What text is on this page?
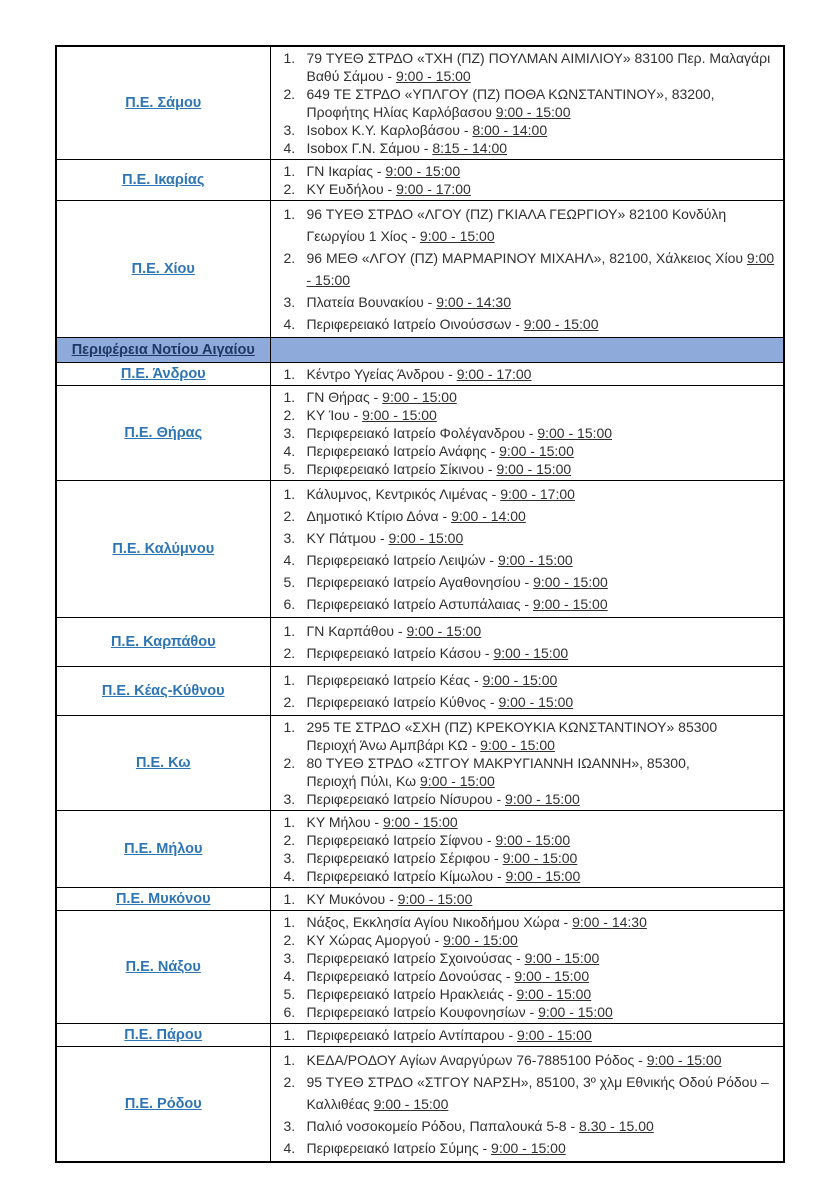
Π.Ε. Σάμου	
1. 79 ΤΥΕΘ ΣΤΡΔΟ «ΤΧΗ (ΠΖ) ΠΟΥΛΜΑΝ ΑΙΜΙΛΙΟΥ» 83100 Περ. Μαλαγάρι Βαθύ Σάμου - 9:00 - 15:00
2. 649 ΤΕ ΣΤΡΔΟ «ΥΠΛΓΟΥ (ΠΖ) ΠΟΘΑ ΚΩΝΣΤΑΝΤΙΝΟΥ», 83200, Προφήτης Ηλίας Καρλόβασου 9:00 - 15:00
3. Isobox Κ.Υ. Καρλοβάσου - 8:00 - 14:00
4. Isobox Γ.Ν. Σάμου - 8:15 - 14:00

Π.Ε. Ικαρίας	1. ΓΝ Ικαρίας - 9:00 - 15:00
2. ΚΥ Ευδήλου - 9:00 - 17:00

Π.Ε. Χίου	
1. 96 ΤΥΕΘ ΣΤΡΔΟ «ΛΓΟΥ (ΠΖ) ΓΚΙΑΛΑ ΓΕΩΡΓΙΟΥ» 82100 Κονδύλη Γεωργίου 1 Χίος - 9:00 - 15:00
2. 96 ΜΕΘ «ΛΓΟΥ (ΠΖ) ΜΑΡΜΑΡΙΝΟΥ ΜΙΧΑΗΛ», 82100, Χάλκειος Χίου 9:00 - 15:00
3. Πλατεία Βουνακίου - 9:00 - 14:30
4. Περιφερειακό Ιατρείο Οινούσσων - 9:00 - 15:00

Περιφέρεια Νοτίου Αιγαίου	
Π.Ε. Άνδρου	1. Κέντρο Υγείας Άνδρου - 9:00 - 17:00

Π.Ε. Θήρας	
1. ΓΝ Θήρας - 9:00 - 15:00
2. ΚΥ Ίου - 9:00 - 15:00
3. Περιφερειακό Ιατρείο Φολέγανδρου - 9:00 - 15:00
4. Περιφερειακό Ιατρείο Ανάφης - 9:00 - 15:00
5. Περιφερειακό Ιατρείο Σίκινου - 9:00 - 15:00

Π.Ε. Καλύμνου	
1. Κάλυμνος, Κεντρικός Λιμένας - 9:00 - 17:00
2. Δημοτικό Κτίριο Δόνα - 9:00 - 14:00
3. ΚΥ Πάτμου - 9:00 - 15:00
4. Περιφερειακό Ιατρείο Λειψών - 9:00 - 15:00
5. Περιφερειακό Ιατρείο Αγαθονησίου - 9:00 - 15:00
6. Περιφερειακό Ιατρείο Αστυπάλαιας - 9:00 - 15:00

Π.Ε. Καρπάθου	1. ΓΝ Καρπάθου - 9:00 - 15:00
2. Περιφερειακό Ιατρείο Κάσου - 9:00 - 15:00

Π.Ε. Κέας-Κύθνου	1. Περιφερειακό Ιατρείο Κέας - 9:00 - 15:00
2. Περιφερειακό Ιατρείο Κύθνος - 9:00 - 15:00

Π.Ε. Κω	
1. 295 ΤΕ ΣΤΡΔΟ «ΣΧΗ (ΠΖ) ΚΡΕΚΟΥΚΙΑ ΚΩΝΣΤΑΝΤΙΝΟΥ» 85300
Περιοχή Άνω Αμπβάρι ΚΩ - 9:00 - 15:00
2. 80 ΤΥΕΘ ΣΤΡΔΟ «ΣΤΓΟΥ ΜΑΚΡΥΓΙΑΝΝΗ ΙΩΑΝΝΗ», 85300,
Περιοχή Πύλι, Κω 9:00 - 15:00
3. Περιφερειακό Ιατρείο Νίσυρου - 9:00 - 15:00

Π.Ε. Μήλου	
1. ΚΥ Μήλου - 9:00 - 15:00
2. Περιφερειακό Ιατρείο Σίφνου - 9:00 - 15:00
3. Περιφερειακό Ιατρείο Σέριφου - 9:00 - 15:00
4. Περιφερειακό Ιατρείο Κίμωλου - 9:00 - 15:00

Π.Ε. Μυκόνου	1. ΚΥ Μυκόνου - 9:00 - 15:00

Π.Ε. Νάξου	
1. Νάξος, Εκκλησία Αγίου Νικοδήμου Χώρα - 9:00 - 14:30
2. ΚΥ Χώρας Αμοργού - 9:00 - 15:00
3. Περιφερειακό Ιατρείο Σχοινούσας - 9:00 - 15:00
4. Περιφερειακό Ιατρείο Δονούσας - 9:00 - 15:00
5. Περιφερειακό Ιατρείο Ηρακλειάς - 9:00 - 15:00
6. Περιφερειακό Ιατρείο Κουφονησίων - 9:00 - 15:00

Π.Ε. Πάρου	1. Περιφερειακό Ιατρείο Αντίπαρου - 9:00 - 15:00

Π.Ε. Ρόδου	
1. ΚΕΔΑ/ΡΟΔΟΥ Αγίων Αναργύρων 76-7885100 Ρόδος - 9:00 - 15:00
2. 95 ΤΥΕΘ ΣΤΡΔΟ «ΣΤΓΟΥ ΝΑΡΣΗ», 85100, 3º χλμ Εθνικής Οδού Ρόδου – Καλλιθέας 9:00 - 15:00
3. Παλιό νοσοκομείο Ρόδου, Παπαλουκά 5-8 - 8.30 - 15.00
4. Περιφερειακό Ιατρείο Σύμης - 9:00 - 15:00
